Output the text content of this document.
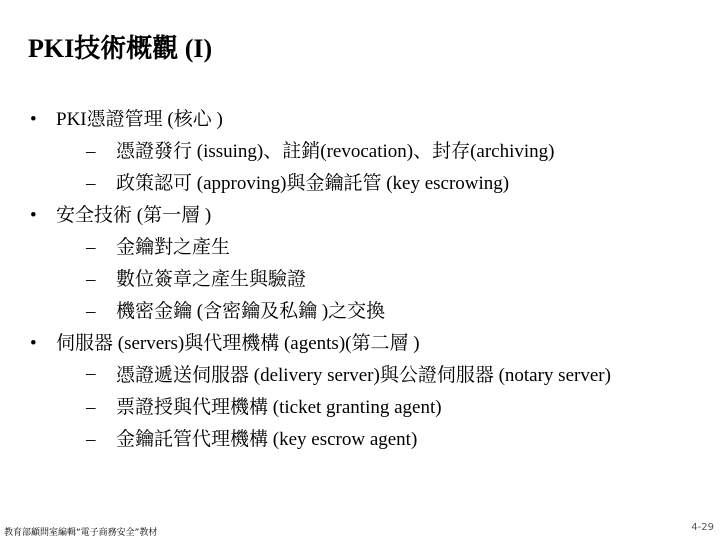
PKI技術概觀 (I)
• PKI憑證管理 (核心 )
– 憑證發行 (issuing)、註銷(revocation)、封存(archiving)
– 政策認可 (approving)與金鑰託管 (key escrowing)
• 安全技術 (第一層 )
– 金鑰對之產生
– 數位簽章之產生與驗證
– 機密金鑰 (含密鑰及私鑰 )之交換
• 伺服器 (servers)與代理機構 (agents)(第二層 )
– 憑證遞送伺服器 (delivery server)與公證伺服器 (notary server)
– 票證授與代理機構 (ticket granting agent)
– 金鑰託管代理機構 (key escrow agent)
教育部顧問室編輯“電子商務安全”教材	4-29
